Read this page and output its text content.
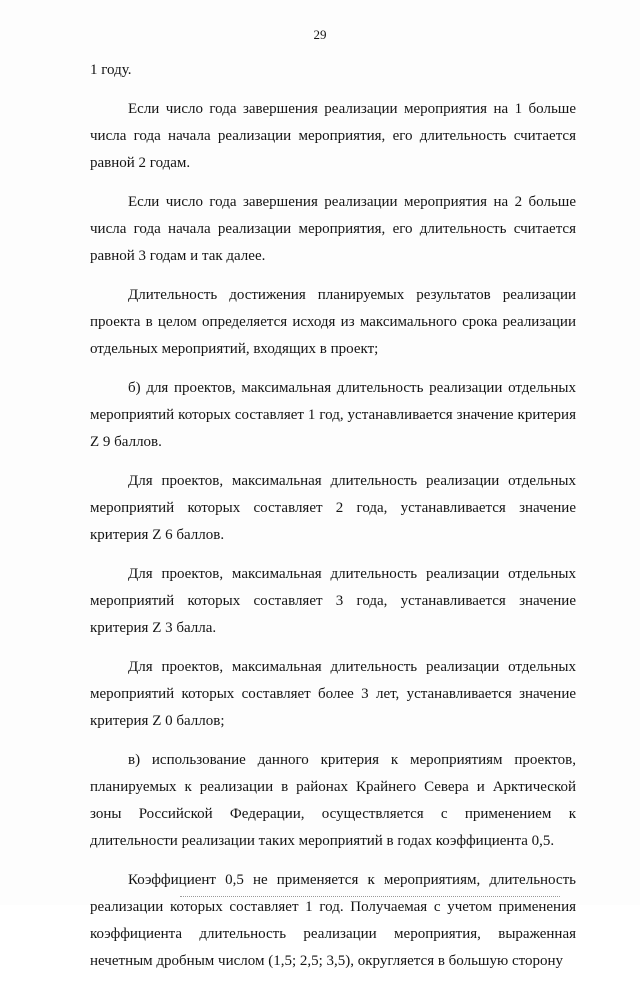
29

1 году.

Если число года завершения реализации мероприятия на 1 больше числа года начала реализации мероприятия, его длительность считается равной 2 годам.

Если число года завершения реализации мероприятия на 2 больше числа года начала реализации мероприятия, его длительность считается равной 3 годам и так далее.

Длительность достижения планируемых результатов реализации проекта в целом определяется исходя из максимального срока реализации отдельных мероприятий, входящих в проект;

б) для проектов, максимальная длительность реализации отдельных мероприятий которых составляет 1 год, устанавливается значение критерия Z 9 баллов.

Для проектов, максимальная длительность реализации отдельных мероприятий которых составляет 2 года, устанавливается значение критерия Z 6 баллов.

Для проектов, максимальная длительность реализации отдельных мероприятий которых составляет 3 года, устанавливается значение критерия Z 3 балла.

Для проектов, максимальная длительность реализации отдельных мероприятий которых составляет более 3 лет, устанавливается значение критерия Z 0 баллов;

в) использование данного критерия к мероприятиям проектов, планируемых к реализации в районах Крайнего Севера и Арктической зоны Российской Федерации, осуществляется с применением к длительности реализации таких мероприятий в годах коэффициента 0,5.

Коэффициент 0,5 не применяется к мероприятиям, длительность реализации которых составляет 1 год. Получаемая с учетом применения коэффициента длительность реализации мероприятия, выраженная нечетным дробным числом (1,5; 2,5; 3,5), округляется в большую сторону
